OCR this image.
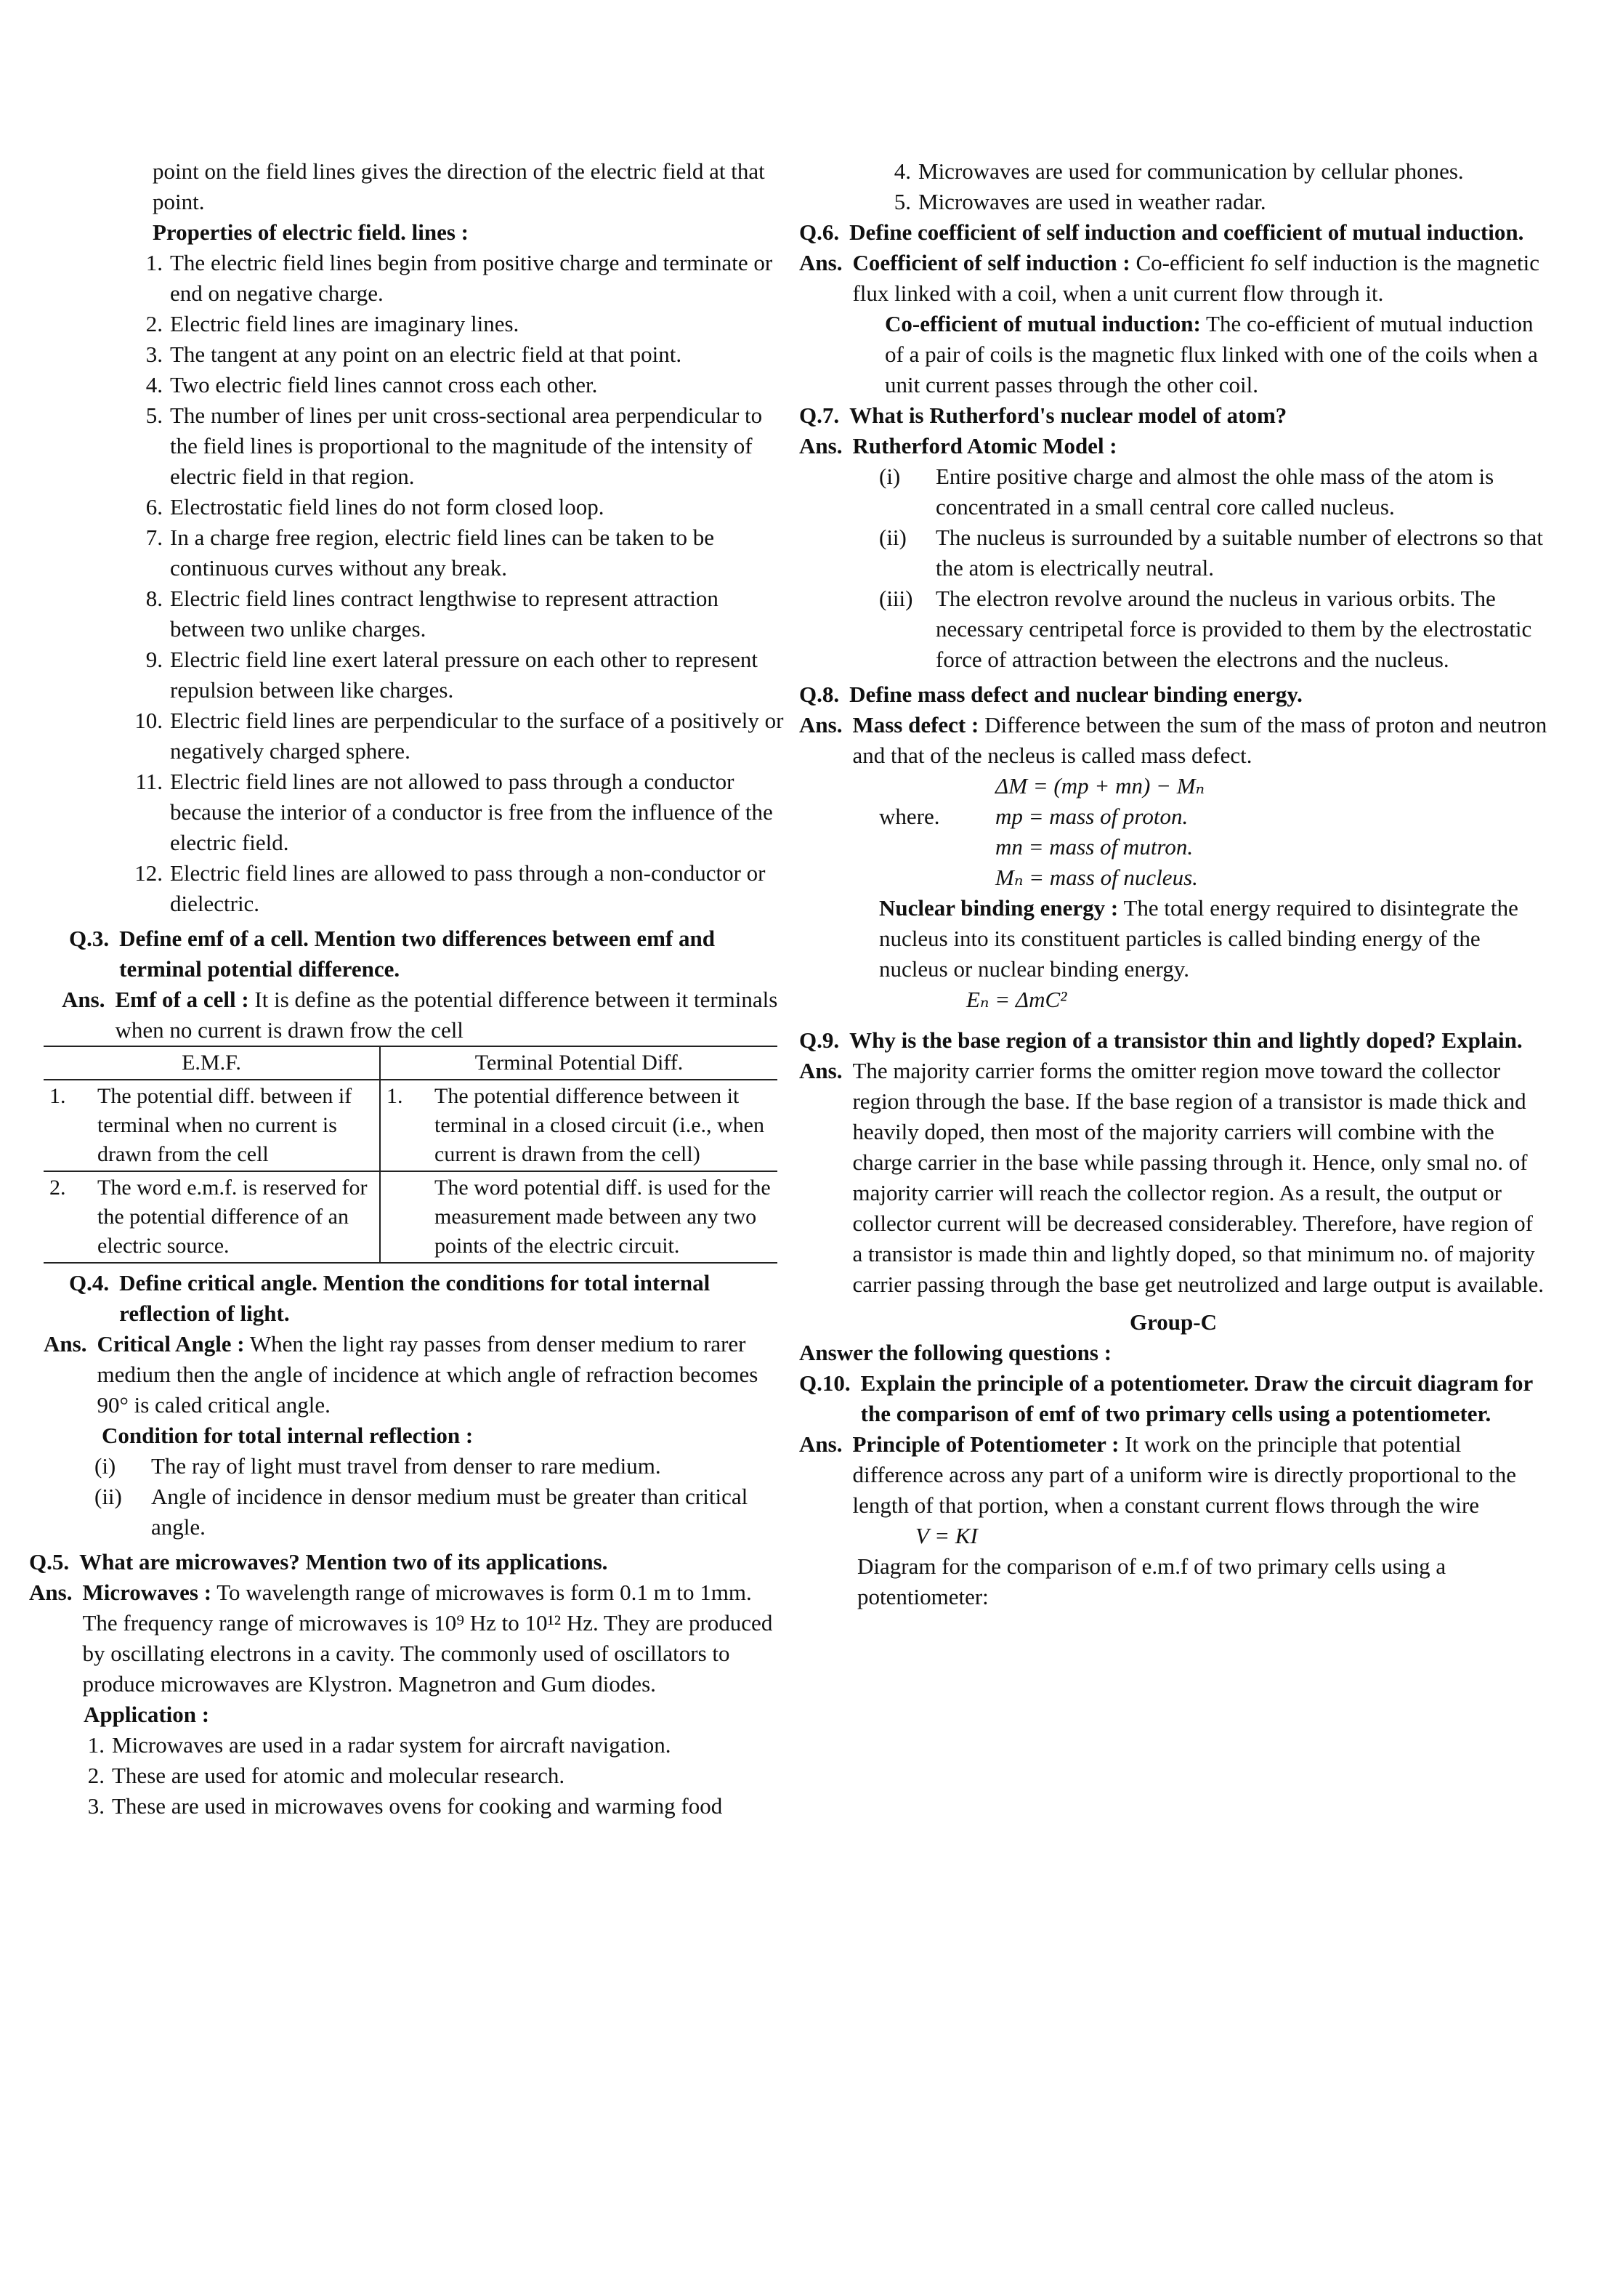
point on the field lines gives the direction of the electric field at that point.

Properties of electric field. lines :

1. The electric field lines begin from positive charge and terminate or end on negative charge.
2. Electric field lines are imaginary lines.
3. The tangent at any point on an electric field at that point.
4. Two electric field lines cannot cross each other.
5. The number of lines per unit cross-sectional area perpendicular to the field lines is proportional to the magnitude of the intensity of electric field in that region.
6. Electrostatic field lines do not form closed loop.
7. In a charge free region, electric field lines can be taken to be continuous curves without any break.
8. Electric field lines contract lengthwise to represent attraction between two unlike charges.
9. Electric field line exert lateral pressure on each other to represent repulsion between like charges.
10. Electric field lines are perpendicular to the surface of a positively or negatively charged sphere.
11. Electric field lines are not allowed to pass through a conductor because the interior of a conductor is free from the influence of the electric field.
12. Electric field lines are allowed to pass through a non-conductor or dielectric.
Q.3. Define emf of a cell. Mention two differences between emf and terminal potential difference.
Ans. Emf of a cell : It is define as the potential difference between it terminals when no current is drawn frow the cell
E.M.F.		Terminal Potential Diff.	
1.	The potential diff. between if terminal when no current is drawn from the cell	1.	The potential difference between it terminal in a closed circuit (i.e., when current is drawn from the cell)
2.	The word e.m.f. is reserved for the potential difference of an electric source.		The word potential diff. is used for the measurement made between any two points of the electric circuit.
Q.4. Define critical angle. Mention the conditions for total internal reflection of light.
Ans. Critical Angle : When the light ray passes from denser medium to rarer medium then the angle of incidence at which angle of refraction becomes 90° is caled critical angle.

Condition for total internal reflection :

(i)	The ray of light must travel from denser to rare medium.
(ii)	Angle of incidence in densor medium must be greater than critical angle.
Q.5. What are microwaves? Mention two of its applications.
Ans. Microwaves : To wavelength range of microwaves is form 0.1 m to 1mm. The frequency range of microwaves is 10⁹ Hz to 10¹² Hz. They are produced by oscillating electrons in a cavity. The commonly used of oscillators to produce microwaves are Klystron. Magnetron and Gum diodes.

Application :

1. Microwaves are used in a radar system for aircraft navigation.
2. These are used for atomic and molecular research.
3. These are used in microwaves ovens for cooking and warming food
4. Microwaves are used for communication by cellular phones.
5. Microwaves are used in weather radar.
Q.6. Define coefficient of self induction and coefficient of mutual induction.
Ans. Coefficient of self induction : Co-efficient fo self induction is the magnetic flux linked with a coil, when a unit current flow through it.

Co-efficient of mutual induction: The co-efficient of mutual induction of a pair of coils is the magnetic flux linked with one of the coils when a unit current passes through the other coil.

Q.7. What is Rutherford's nuclear model of atom?
Ans. Rutherford Atomic Model :
(i)	Entire positive charge and almost the ohle mass of the atom is concentrated in a small central core called nucleus.
(ii)	The nucleus is surrounded by a suitable number of electrons so that the atom is electrically neutral.
(iii)	The electron revolve around the nucleus in various orbits. The necessary centripetal force is provided to them by the electrostatic force of attraction between the electrons and the nucleus.
Q.8. Define mass defect and nuclear binding energy.
Ans. Mass defect : Difference between the sum of the mass of proton and neutron and that of the necleus is called mass defect.

ΔM = (mp + mn) − Mₙ

where.	mp = mass of proton.

mn = mass of mutron.

Mₙ = mass of nucleus.

Nuclear binding energy : The total energy required to disintegrate the nucleus into its constituent particles is called binding energy of the nucleus or nuclear binding energy.

Eₙ = ΔmC²

Q.9. Why is the base region of a transistor thin and lightly doped? Explain.
Ans. The majority carrier forms the omitter region move toward the collector region through the base. If the base region of a transistor is made thick and heavily doped, then most of the majority carriers will combine with the charge carrier in the base while passing through it. Hence, only smal no. of majority carrier will reach the collector region. As a result, the output or collector current will be decreased considerabley. Therefore, have region of a transistor is made thin and lightly doped, so that minimum no. of majority carrier passing through the base get neutrolized and large output is available.

Group-C

Answer the following questions :

Q.10. Explain the principle of a potentiometer. Draw the circuit diagram for the comparison of emf of two primary cells using a potentiometer.
Ans. Principle of Potentiometer : It work on the principle that potential difference across any part of a uniform wire is directly proportional to the length of that portion, when a constant current flows through the wire

V = KI

Diagram for the comparison of e.m.f of two primary cells using a potentiometer:
